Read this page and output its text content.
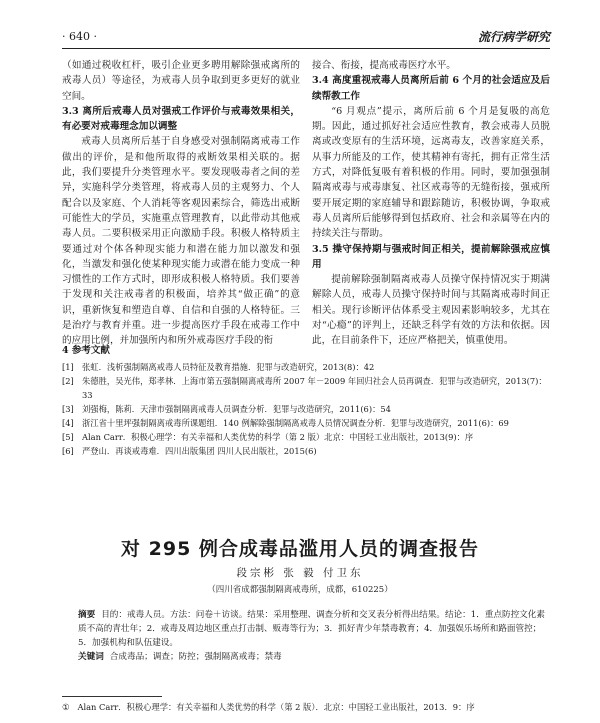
· 640 ·	流行病学研究

（如通过税收杠杆，吸引企业更多聘用解除强戒离所的戒毒人员）等途径，为戒毒人员争取到更多更好的就业空间。

3.3 离所后戒毒人员对强戒工作评价与戒毒效果相关，有必要对戒毒理念加以调整

戒毒人员离所后基于自身感受对强制隔离戒毒工作做出的评价，是和他所取得的戒断效果相关联的。据此，我们要提升分类管理水平。要发现吸毒者之间的差异，实施科学分类管理，将戒毒人员的主观努力、个人配合以及家庭、个人消耗等客观因素综合，筛选出戒断可能性大的学员，实施重点管理教育，以此带动其他戒毒人员。二要积极采用正向激励手段。积极人格特质主要通过对个体各种现实能力和潜在能力加以激发和强化，当激发和强化使某种现实能力或潜在能力变成一种习惯性的工作方式时，即形成积极人格特质。我们要善于发现和关注戒毒者的积极面，培养其“做正确”的意识，重新恢复和塑造自尊、自信和自强的人格特征。三是治疗与教育并重。进一步提高医疗手段在戒毒工作中的应用比例，并加强所内和所外戒毒医疗手段的衔

接合、衔接，提高戒毒医疗水平。

3.4 高度重视戒毒人员离所后前 6 个月的社会适应及后续帮教工作

“6 月观点”提示，离所后前 6 个月是复吸的高危期。因此，通过抓好社会适应性教育，教会戒毒人员脱离或改变原有的生活环境，远离毒友，改善家庭关系，从事力所能及的工作，使其精神有寄托，拥有正常生活方式，对降低复吸有着积极的作用。同时，要加强强制隔离戒毒与戒毒康复、社区戒毒等的无缝衔接，强戒所要开展定期的家庭辅导和跟踪随访，积极协调，争取戒毒人员离所后能够得到包括政府、社会和亲属等在内的持续关注与帮助。

3.5 操守保持期与强戒时间正相关，提前解除强戒应慎用

提前解除强制隔离戒毒人员操守保持情况实于期满解除人员，戒毒人员操守保持时间与其隔离戒毒时间正相关。现行诊断评估体系受主观因素影响较多，尤其在对“心瘾”的评判上，还缺乏科学有效的方法和依据。因此，在目前条件下，还应严格把关，慎重使用。

4 参考文献
[1] 张虹．浅析强制隔离戒毒人员特征及教育措施．犯罪与改造研究，2013(8)：42
[2] 朱德胜，吴光伟，郑孝林．上海市第五强制隔离戒毒所 2007 年－2009 年回归社会人员再调查．犯罪与改造研究，2013(7)：33
[3] 刘强梅，陈莉．天津市强制隔离戒毒人员调查分析．犯罪与改造研究，2011(6)：54
[4] 浙江省十里坪强制隔离戒毒所课题组．140 例解除强制隔离戒毒人员情况调查分析．犯罪与改造研究，2011(6)：69
[5] Alan Carr．积极心理学：有关幸福和人类优势的科学（第 2 版）北京：中国轻工业出版社，2013(9)：序
[6] 严登山．再谈戒毒难．四川出版集团 四川人民出版社，2015(6)
对 295 例合成毒品滥用人员的调查报告
段宗彬 张 毅 付卫东
（四川省成都强制隔离戒毒所，成都，610225）

摘要 目的：戒毒人员。方法：问卷＋访谈。结果：采用整理、调查分析和交叉表分析得出结果。结论：1．重点防控文化素质不高的青壮年；2．戒毒及周边地区重点打击制、贩毒等行为；3．抓好青少年禁毒教育；4．加强娱乐场所和路面管控；5．加强机构和队伍建设。

关键词 合成毒品；调查；防控；强制隔离戒毒；禁毒

① Alan Carr．积极心理学：有关幸福和人类优势的科学（第 2 版）．北京：中国轻工业出版社，2013．9：序
